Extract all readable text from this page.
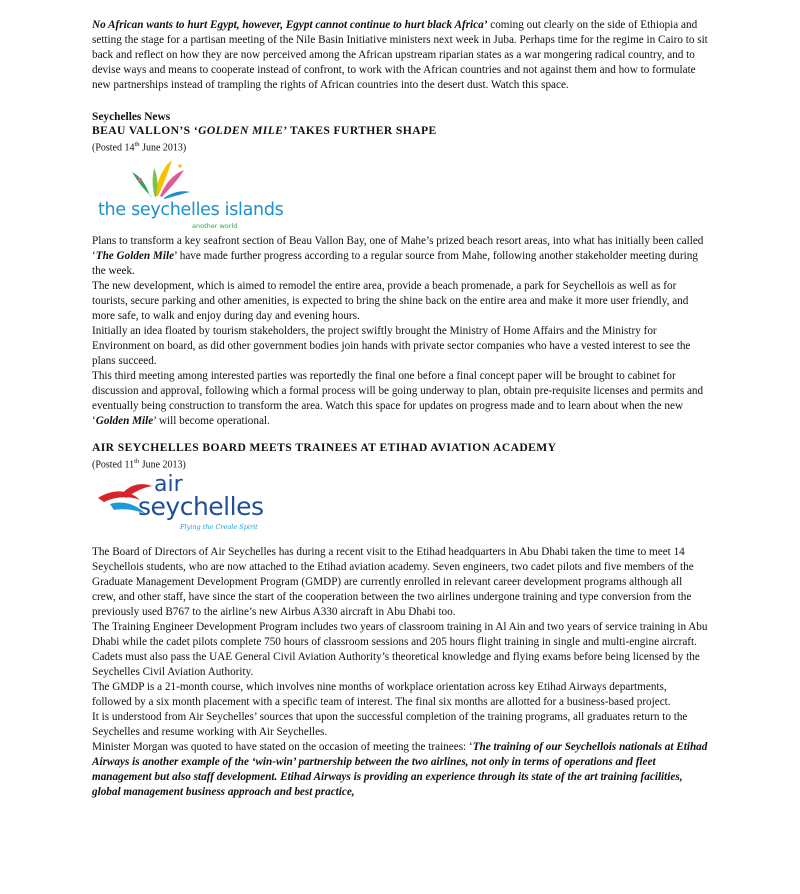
No African wants to hurt Egypt, however, Egypt cannot continue to hurt black Africa’ coming out clearly on the side of Ethiopia and setting the stage for a partisan meeting of the Nile Basin Initiative ministers next week in Juba. Perhaps time for the regime in Cairo to sit back and reflect on how they are now perceived among the African upstream riparian states as a war mongering radical country, and to devise ways and means to cooperate instead of confront, to work with the African countries and not against them and how to formulate new partnerships instead of trampling the rights of African countries into the desert dust. Watch this space.

Seychelles News
BEAU VALLON’S ‘GOLDEN MILE’ TAKES FURTHER SHAPE
(Posted 14th June 2013)
the seychelles islands
another world

Plans to transform a key seafront section of Beau Vallon Bay, one of Mahe’s prized beach resort areas, into what has initially been called ‘The Golden Mile’ have made further progress according to a regular source from Mahe, following another stakeholder meeting during the week.

The new development, which is aimed to remodel the entire area, provide a beach promenade, a park for Seychellois as well as for tourists, secure parking and other amenities, is expected to bring the shine back on the entire area and make it more user friendly, and more safe, to walk and enjoy during day and evening hours.

Initially an idea floated by tourism stakeholders, the project swiftly brought the Ministry of Home Affairs and the Ministry for Environment on board, as did other government bodies join hands with private sector companies who have a vested interest to see the plans succeed.

This third meeting among interested parties was reportedly the final one before a final concept paper will be brought to cabinet for discussion and approval, following which a formal process will be going underway to plan, obtain pre-requisite licenses and permits and eventually being construction to transform the area. Watch this space for updates on progress made and to learn about when the new ‘Golden Mile’ will become operational.

AIR SEYCHELLES BOARD MEETS TRAINEES AT ETIHAD AVIATION ACADEMY
(Posted 11th June 2013)
air
seychelles
Flying the Creole Spirit

The Board of Directors of Air Seychelles has during a recent visit to the Etihad headquarters in Abu Dhabi taken the time to meet 14 Seychellois students, who are now attached to the Etihad aviation academy. Seven engineers, two cadet pilots and five members of the Graduate Management Development Program (GMDP) are currently enrolled in relevant career development programs although all crew, and other staff, have since the start of the cooperation between the two airlines undergone training and type conversion from the previously used B767 to the airline’s new Airbus A330 aircraft in Abu Dhabi too.

The Training Engineer Development Program includes two years of classroom training in Al Ain and two years of service training in Abu Dhabi while the cadet pilots complete 750 hours of classroom sessions and 205 hours flight training in single and multi-engine aircraft. Cadets must also pass the UAE General Civil Aviation Authority’s theoretical knowledge and flying exams before being licensed by the Seychelles Civil Aviation Authority.

The GMDP is a 21-month course, which involves nine months of workplace orientation across key Etihad Airways departments, followed by a six month placement with a specific team of interest. The final six months are allotted for a business-based project.

It is understood from Air Seychelles’ sources that upon the successful completion of the training programs, all graduates return to the Seychelles and resume working with Air Seychelles.

Minister Morgan was quoted to have stated on the occasion of meeting the trainees: ‘The training of our Seychellois nationals at Etihad Airways is another example of the ‘win-win’ partnership between the two airlines, not only in terms of operations and fleet management but also staff development. Etihad Airways is providing an experience through its state of the art training facilities, global management business approach and best practice,
